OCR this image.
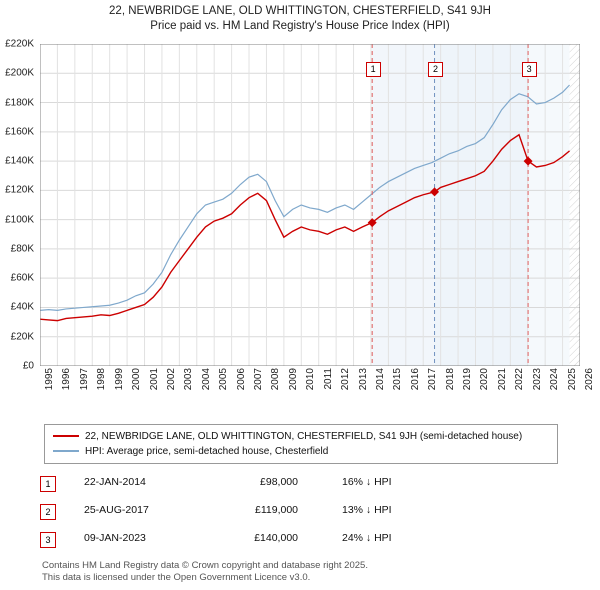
22, NEWBRIDGE LANE, OLD WHITTINGTON, CHESTERFIELD, S41 9JH
Price paid vs. HM Land Registry's House Price Index (HPI)
£0
£20K
£40K
£60K
£80K
£100K
£120K
£140K
£160K
£180K
£200K
£220K
1995 1996 1997 1998 1999 2000 2001 2002 2003 2004 2005 2006 2007 2008 2009 2010 2011 2012 2013 2014 2015 2016 2017 2018 2019 2020 2021 2022 2023 2024 2025 2026
1	2	3
22, NEWBRIDGE LANE, OLD WHITTINGTON, CHESTERFIELD, S41 9JH (semi-detached house)
HPI: Average price, semi-detached house, Chesterfield
1	22-JAN-2014	£98,000	16% ↓ HPI
2	25-AUG-2017	£119,000	13% ↓ HPI
3	09-JAN-2023	£140,000	24% ↓ HPI
Contains HM Land Registry data © Crown copyright and database right 2025.
This data is licensed under the Open Government Licence v3.0.
